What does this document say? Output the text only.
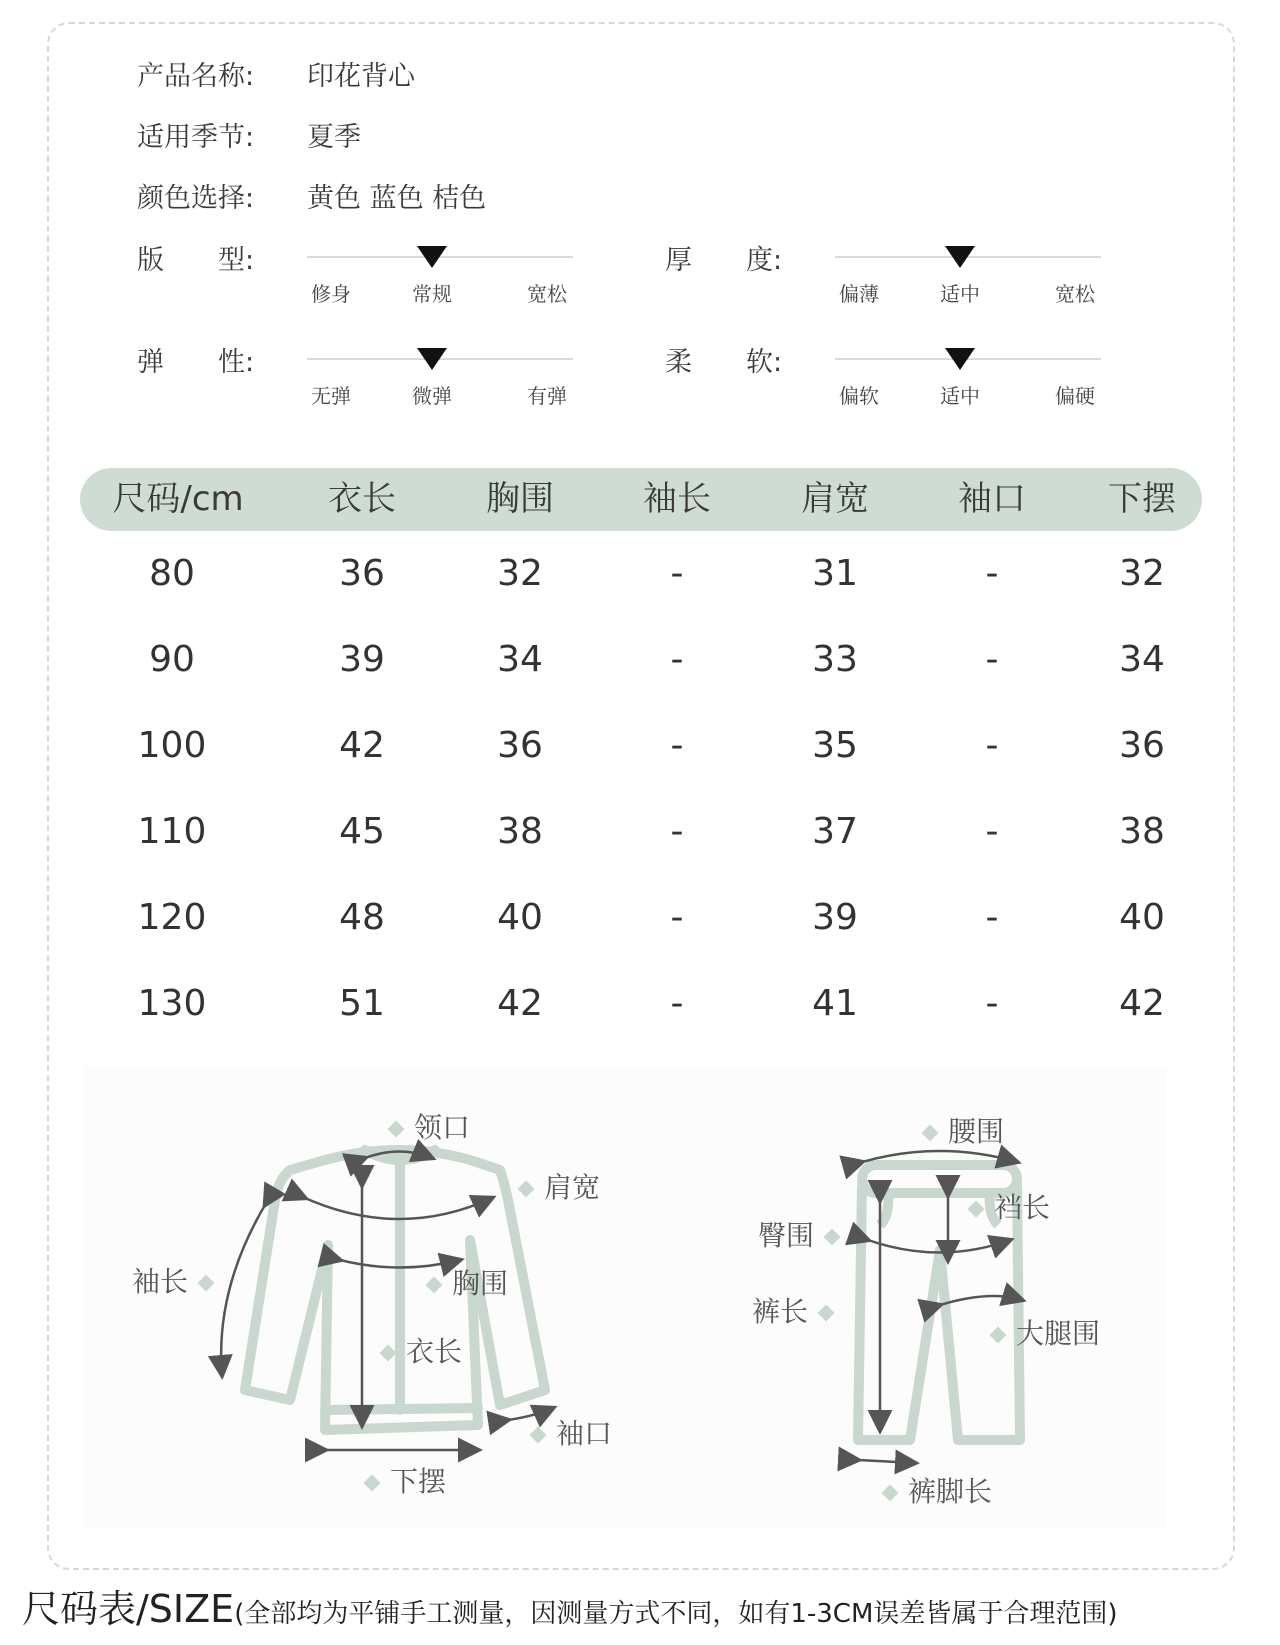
产品名称: 印花背心
适用季节: 夏季
颜色选择: 黄色 蓝色 桔色
版　　型:
修身	常规	宽松
厚　　度:
偏薄	适中	宽松
弹　　性:
无弹	微弹	有弹
柔　　软:
偏软	适中	偏硬
尺码/cm 衣长	胸围	袖长	肩宽	袖口 下摆
80	36	32	-	31	-	32
90	39	34	-	33	-	34
100	42	36	-	35	-	36
110	45	38	-	37	-	38
120	48	40	-	39	-	40
130	51	42	-	41	-	42
领口
肩宽
袖长	胸围
衣长
袖口
下摆
腰围
裆长
臀围
裤长
大腿围
裤脚长
尺码表/SIZE(全部均为平铺手工测量，因测量方式不同，如有1-3CM误差皆属于合理范围)
